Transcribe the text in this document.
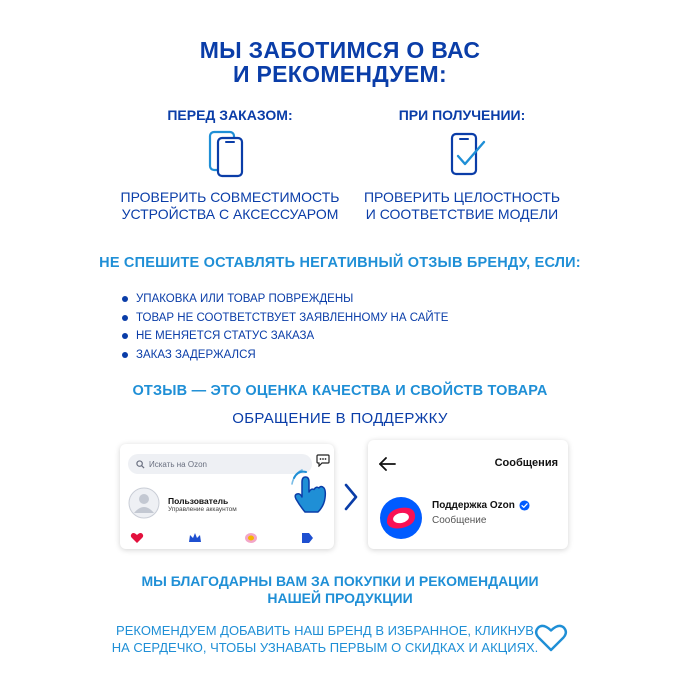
МЫ ЗАБОТИМСЯ О ВАС
И РЕКОМЕНДУЕМ:
ПЕРЕД ЗАКАЗОМ:
ПРОВЕРИТЬ СОВМЕСТИМОСТЬ
УСТРОЙСТВА С АКСЕССУАРОМ
ПРИ ПОЛУЧЕНИИ:
ПРОВЕРИТЬ ЦЕЛОСТНОСТЬ
И СООТВЕТСТВИЕ МОДЕЛИ
НЕ СПЕШИТЕ ОСТАВЛЯТЬ НЕГАТИВНЫЙ ОТЗЫВ БРЕНДУ, ЕСЛИ:
УПАКОВКА ИЛИ ТОВАР ПОВРЕЖДЕНЫ
ТОВАР НЕ СООТВЕТСТВУЕТ ЗАЯВЛЕННОМУ НА САЙТЕ
НЕ МЕНЯЕТСЯ СТАТУС ЗАКАЗА
ЗАКАЗ ЗАДЕРЖАЛСЯ
ОТЗЫВ — ЭТО ОЦЕНКА КАЧЕСТВА И СВОЙСТВ ТОВАРА
ОБРАЩЕНИЕ В ПОДДЕРЖКУ
Искать на Ozon
Пользователь
Управление аккаунтом
Сообщения
Поддержка Ozon
Сообщение
МЫ БЛАГОДАРНЫ ВАМ ЗА ПОКУПКИ И РЕКОМЕНДАЦИИ
НАШЕЙ ПРОДУКЦИИ
РЕКОМЕНДУЕМ ДОБАВИТЬ НАШ БРЕНД В ИЗБРАННОЕ, КЛИКНУВ
НА СЕРДЕЧКО, ЧТОБЫ УЗНАВАТЬ ПЕРВЫМ О СКИДКАХ И АКЦИЯХ.
